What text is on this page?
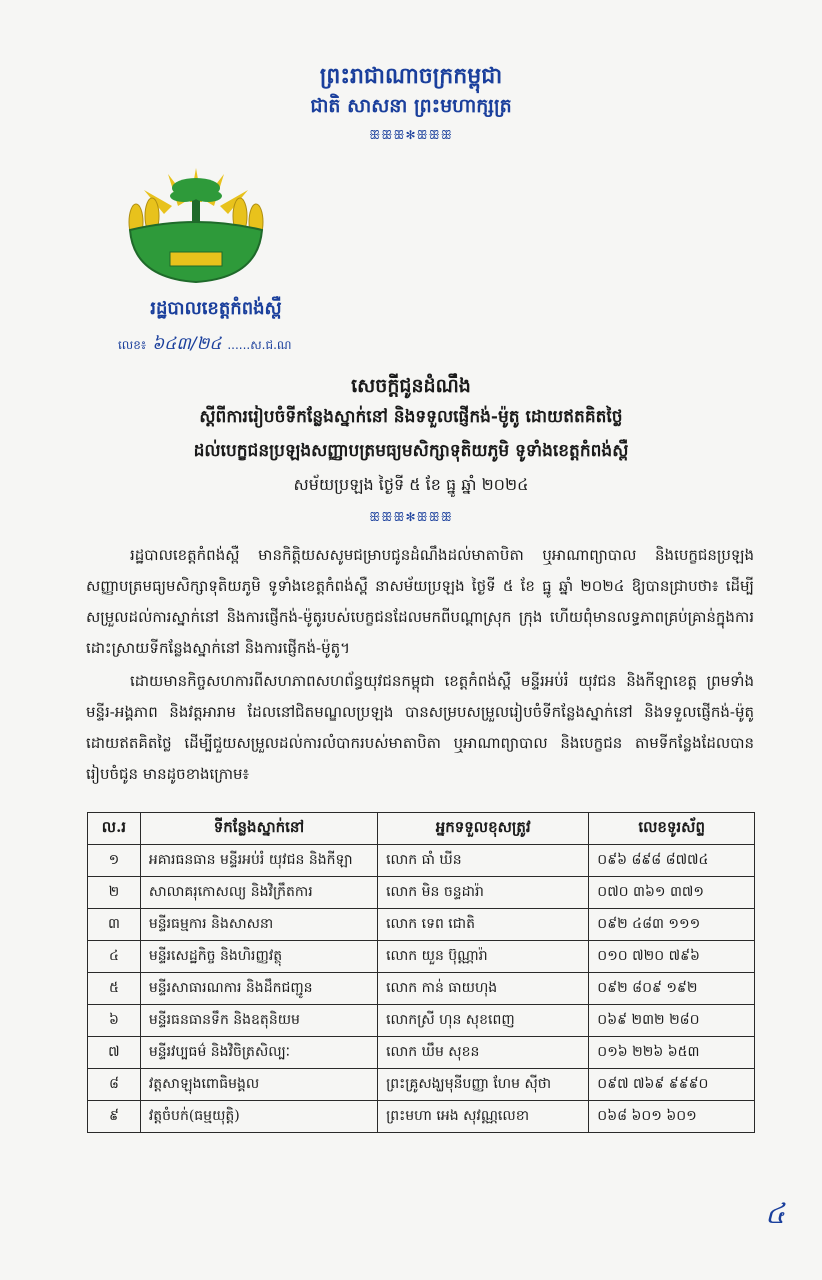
ព្រះរាជាណាចក្រកម្ពុជា
ជាតិ សាសនា ព្រះមហាក្សត្រ
ꕥꕥꕥ✻ꕥꕥꕥ
រដ្ឋបាលខេត្តកំពង់ស្ពឺ
លេខ៖ ៦៤៣/២៤ ......ស.ជ.ណ
សេចក្តីជូនដំណឹង
ស្តីពីការរៀបចំទីកន្លែងស្នាក់នៅ និងទទួលផ្ញើកង់-ម៉ូតូ ដោយឥតគិតថ្លៃ
ដល់បេក្ខជនប្រឡងសញ្ញាបត្រមធ្យមសិក្សាទុតិយភូមិ ទូទាំងខេត្តកំពង់ស្ពឺ
សម័យប្រឡង ថ្ងៃទី ៥ ខែ ធ្នូ ឆ្នាំ ២០២៤
ꕥꕥꕥ✻ꕥꕥꕥ
រដ្ឋបាលខេត្តកំពង់ស្ពឺ មានកិត្តិយសសូមជម្រាបជូនដំណឹងដល់មាតាបិតា ឬអាណាព្យាបាល និងបេក្ខជនប្រឡងសញ្ញាបត្រមធ្យមសិក្សាទុតិយភូមិ ទូទាំងខេត្តកំពង់ស្ពឺ នាសម័យប្រឡង ថ្ងៃទី ៥ ខែ ធ្នូ ឆ្នាំ ២០២៤ ឱ្យបានជ្រាបថា៖ ដើម្បីសម្រួលដល់ការស្នាក់នៅ និងការផ្ញើកង់-ម៉ូតូរបស់បេក្ខជនដែលមកពីបណ្តាស្រុក ក្រុង ហើយពុំមានលទ្ធភាពគ្រប់គ្រាន់ក្នុងការដោះស្រាយទីកន្លែងស្នាក់នៅ និងការផ្ញើកង់-ម៉ូតូ។
ដោយមានកិច្ចសហការពីសហភាពសហព័ន្ធយុវជនកម្ពុជា ខេត្តកំពង់ស្ពឺ មន្ទីរអប់រំ យុវជន និងកីឡាខេត្ត ព្រមទាំងមន្ទីរ-អង្គភាព និងវត្តអារាម ដែលនៅជិតមណ្ឌលប្រឡង បានសម្របសម្រួលរៀបចំទីកន្លែងស្នាក់នៅ និងទទួលផ្ញើកង់-ម៉ូតូ ដោយឥតគិតថ្លៃ ដើម្បីជួយសម្រួលដល់ការលំបាករបស់មាតាបិតា ឬអាណាព្យាបាល និងបេក្ខជន តាមទីកន្លែងដែលបានរៀបចំជូន មានដូចខាងក្រោម៖
ល.រ	ទីកន្លែងស្នាក់នៅ	អ្នកទទួលខុសត្រូវ	លេខទូរស័ព្ទ
១	អគារធនធាន មន្ទីរអប់រំ យុវជន និងកីឡា	លោក ធាំ ឃីន	០៩៦ ៨៩៨ ៨៧៧៤
២	សាលាគរុកោសល្យ និងវិក្រឹតការ	លោក មិន ចន្ទដារ៉ា	០៧០ ៣៦១ ៣៧១
៣	មន្ទីរធម្មការ និងសាសនា	លោក ទេព ជោតិ	០៩២ ៤៨៣ ១១១
៤	មន្ទីរសេដ្ឋកិច្ច និងហិរញ្ញវត្ថុ	លោក យួន ប៊ុណ្ណារ៉ា	០១០ ៧២០ ៧៩៦
៥	មន្ទីរសាធារណការ និងដឹកជញ្ជូន	លោក កាន់ ធាយហុង	០៩២ ៨០៩ ១៩២
៦	មន្ទីរធនធានទឹក និងឧតុនិយម	លោកស្រី ហុន សុខពេញ	០៦៩ ២៣២ ២៨០
៧	មន្ទីរវប្បធម៌ និងវិចិត្រសិល្បៈ	លោក ឃឹម សុខន	០១៦ ២២៦ ៦៥៣
៨	វត្តសាឡុងពោធិមង្គល	ព្រះគ្រូសង្ឃមុនីបញ្ញា ហែម ស៊ីថា	០៩៧ ៧៦៩ ៩៩៩០
៩	វត្តចំបក់(ធម្មយុត្តិ)	ព្រះមហា អេង សុវណ្ណលេខា	០៦៨ ៦០១ ៦០១
៤
